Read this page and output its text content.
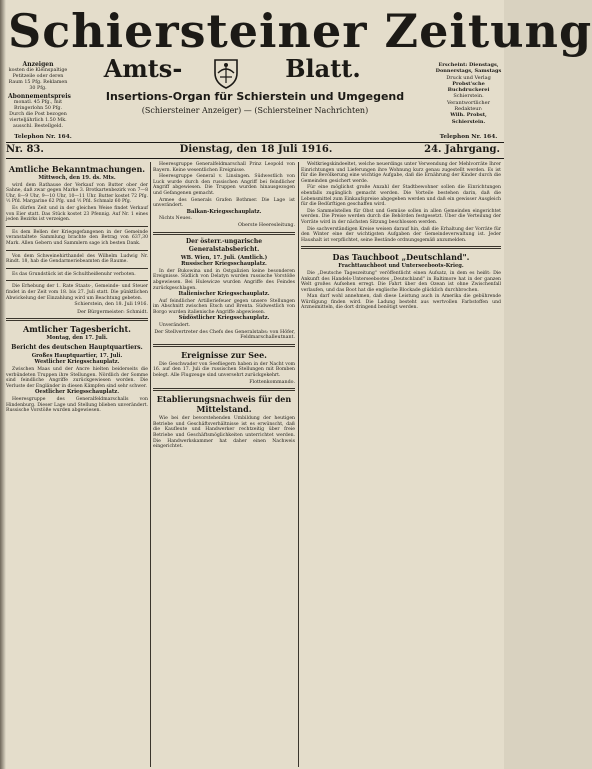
Schiersteiner Zeitung
Anzeigen
kosten die Kleinspaltige Petitzeile oder deren Raum 15 Pfg. Reklamen 30 Pfg.
Abonnementspreis
monatl. 45 Pfg., mit Bringerlohn 50 Pfg. Durch die Post bezogen vierteljährlich 1.50 Mk. ausschl. Bestellgeld.
Amts-	Blatt.
Insertions-Organ für Schierstein und Umgegend
(Schiersteiner Anzeiger) — (Schiersteiner Nachrichten)
Erscheint: Dienstags, Donnerstags, Samstags
Druck und Verlag
Probst'sche Buchdruckerei
Schierstein.
Verantwortlicher Redakteur:
Wilh. Probst, Schierstein.
Telephon Nr. 164.	Telephon Nr. 164.
Nr. 83.	Dienstag, den 18 Juli 1916.	24. Jahrgang.
Amtliche Bekanntmachungen.
Mittwoch, den 19. ds. Mts.

wird dem Rathause der Verkauf von Butter ober der Sahne, daß zwar gegen Marke 3. Brotkartenbezirk von 7—8 Uhr, 8—9 Uhr, 9—10 Uhr, 10—11 Uhr. Butter kostet 72 Pfg. ½ Pfd. Margarine 62 Pfg. und ½ Pfd. Schmalz 60 Pfg.

Es dürfen Zeit und in der gleichen Weise findet Verkauf von Eier statt. Das Stück kostet 23 Pfennig. Auf Nr. 1 eines jeden Bezirks ist verzeigen.

Es dem Bellen der Kriegsgefangenen in der Gemeinde veranstaltete Sammlung brachte den Betrag von 637,30 Mark. Allen Gebern und Sammlern sage ich besten Dank.

Von dem Schweinehirthandel des Wilhelm Ludwig Nr. Rindt. 18, hab die Gendarmeriebeamten die Raume.

Es das Grundstück ist die Schultheißenuhr verboten.

Die Erhebung der 1. Rate Staats-, Gemeinde- und Steuer findet in der Zeit vom 18. bis 27. Juli statt. Die pünktlichen Abwickelung der Einzahlung wird um Beachtung gebeten.

Schierstein, den 18. Juli 1916.
Der Bürgermeister: Schmidt.
Amtlicher Tagesbericht.
Montag, den 17. Juli.
Bericht des deutschen Hauptquartiers.
Großes Hauptquartier, 17. Juli.
Westlicher Kriegsschauplatz.

Zwischen Maas und der Ancre hielten beiderseits die verbündeten Truppen ihre Stellungen. Nördlich der Somme sind feindliche Angriffe zurückgewiesen worden. Die Verluste der Engländer in diesen Kämpfen sind sehr schwer.

Oestlicher Kriegsschauplatz.

Heeresgruppe des Generalfeldmarschalls von Hindenburg. Dieser Lage und Stellung blieben unverändert. Russische Vorstöße wurden abgewiesen.

Heeresgruppe Generalfeldmarschall Prinz Leopold von Bayern. Keine wesentlichen Ereignisse.

Heeresgruppe General v. Linsingen. Südwestlich von Luck wurde durch den russischen Angriff bei feindlicher Angriff abgewiesen. Die Truppen wurden hinausgezogen und Gefangenen gemacht.

Armee des Generals Grafen Bothmer. Die Lage ist unverändert.

Balkan-Kriegsschauplatz.

Nichts Neues.

Oberste Heeresleitung.
Der österr.-ungarische Generalstabsbericht.
WB. Wien, 17. Juli. (Amtlich.)
Russischer Kriegsschauplatz.

In der Bukowina und in Ostgalizien keine besonderen Ereignisse. Südlich von Delatyn wurden russische Vorstöße abgewiesen. Bei Hulewicze wurden Angriffe des Feindes zurückgeschlagen.

Italienischer Kriegsschauplatz.

Auf feindlicher Artilleriefeuer gegen unsere Stellungen im Abschnitt zwischen Etsch und Brenta. Südwestlich von Borgo wurden italienische Angriffe abgewiesen.

Südöstlicher Kriegsschauplatz.

Unverändert.

Der Stellvertreter des Chefs des Generalstabs: von Höfer, Feldmarschalleutnant.
Ereignisse zur See.

Die Geschwader von Seefliegern haben in der Nacht vom 16. auf den 17. Juli die russischen Stellungen mit Bomben belegt. Alle Flugzeuge sind unversehrt zurückgekehrt.

Flottenkommando.
Etablierungsnachweis für den Mittelstand.

Wie bei der bevorstehenden Umbildung der heutigen Betriebe und Geschäftsverhältnisse ist es erwünscht, daß die Kaufleute und Handwerker rechtzeitig über freie Betriebe und Geschäftsmöglichkeiten unterrichtet werden. Die Handwerkskammer hat daher einen Nachweis eingerichtet.

Weltkriegskindeeltet, welche neuerdings unter Verwendung der Mehlvorräte Ihrer Einrichtungen und Lieferungen ihre Wohnung kurz genau zugestellt werden. Es ist für die Bevölkerung eine wichtige Aufgabe, daß die Ernährung der Kinder durch die Gemeinden gesichert werde.

Für eine möglichst große Anzahl der Stadtbewohner sollen die Einrichtungen ebenfalls zugänglich gemacht werden. Die Vorteile bestehen darin, daß die Lebensmittel zum Einkaufspreise abgegeben werden und daß ein gewisser Ausgleich für die Bedürftigen geschaffen wird.

Die Sammelstellen für Obst und Gemüse sollen in allen Gemeinden eingerichtet werden. Die Preise werden durch die Behörden festgesetzt. Über die Verteilung der Vorräte wird in der nächsten Sitzung beschlossen werden.

Die sachverständigen Kreise weisen darauf hin, daß die Erhaltung der Vorräte für den Winter eine der wichtigsten Aufgaben der Gemeindeverwaltung ist. Jeder Haushalt ist verpflichtet, seine Bestände ordnungsgemäß anzumelden.

Das Tauchboot „Deutschland".
Frachttauchboot und Unterseeboots-Krieg.

Die „Deutsche Tageszeitung" veröffentlicht einen Aufsatz, in dem es heißt: Die Ankunft des Handels-Unterseebootes „Deutschland" in Baltimore hat in der ganzen Welt großes Aufsehen erregt. Die Fahrt über den Ozean ist ohne Zwischenfall verlaufen, und das Boot hat die englische Blockade glücklich durchbrochen.

Man darf wohl annehmen, daß diese Leistung auch in Amerika die gebührende Würdigung finden wird. Die Ladung besteht aus wertvollen Farbstoffen und Arzneimitteln, die dort dringend benötigt werden.
